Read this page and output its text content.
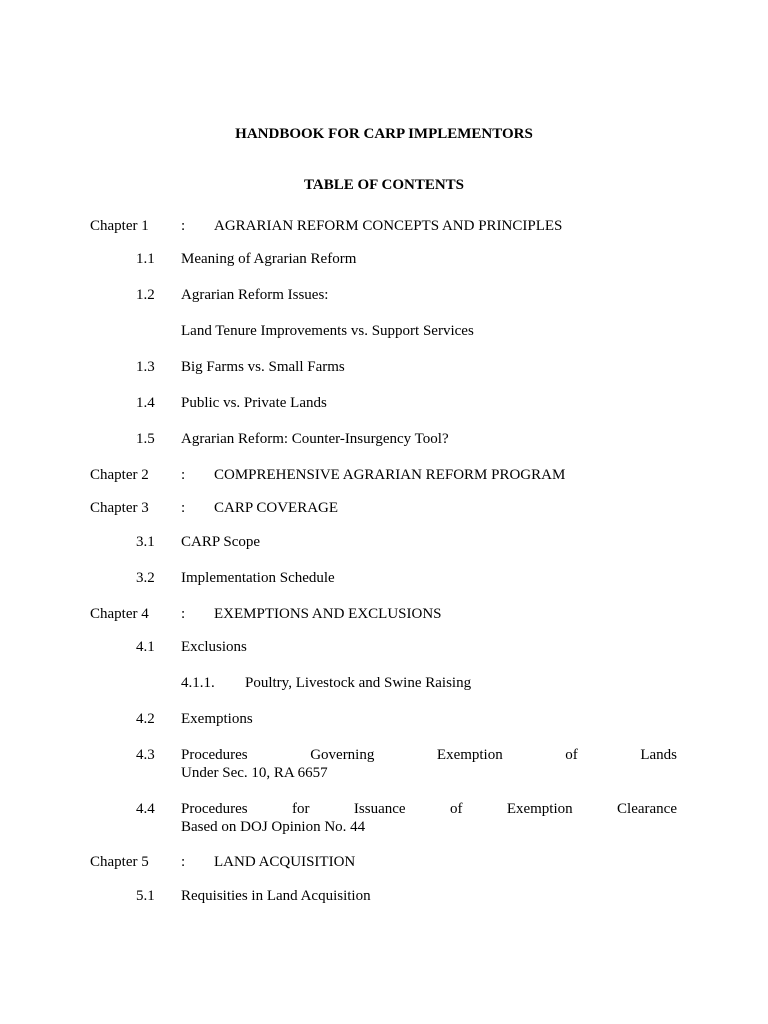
HANDBOOK FOR CARP IMPLEMENTORS
TABLE OF CONTENTS
Chapter 1 : AGRARIAN REFORM CONCEPTS AND PRINCIPLES
1.1 Meaning of Agrarian Reform
1.2 Agrarian Reform Issues:
Land Tenure Improvements vs. Support Services
1.3 Big Farms vs. Small Farms
1.4 Public vs. Private Lands
1.5 Agrarian Reform: Counter-Insurgency Tool?
Chapter 2 : COMPREHENSIVE AGRARIAN REFORM PROGRAM
Chapter 3 : CARP COVERAGE
3.1 CARP Scope
3.2 Implementation Schedule
Chapter 4 : EXEMPTIONS AND EXCLUSIONS
4.1 Exclusions
4.1.1. Poultry, Livestock and Swine Raising
4.2 Exemptions
4.3 Procedures Governing Exemption of Lands
Under Sec. 10, RA 6657
4.4 Procedures for Issuance of Exemption Clearance
Based on DOJ Opinion No. 44
Chapter 5 : LAND ACQUISITION
5.1 Requisities in Land Acquisition
